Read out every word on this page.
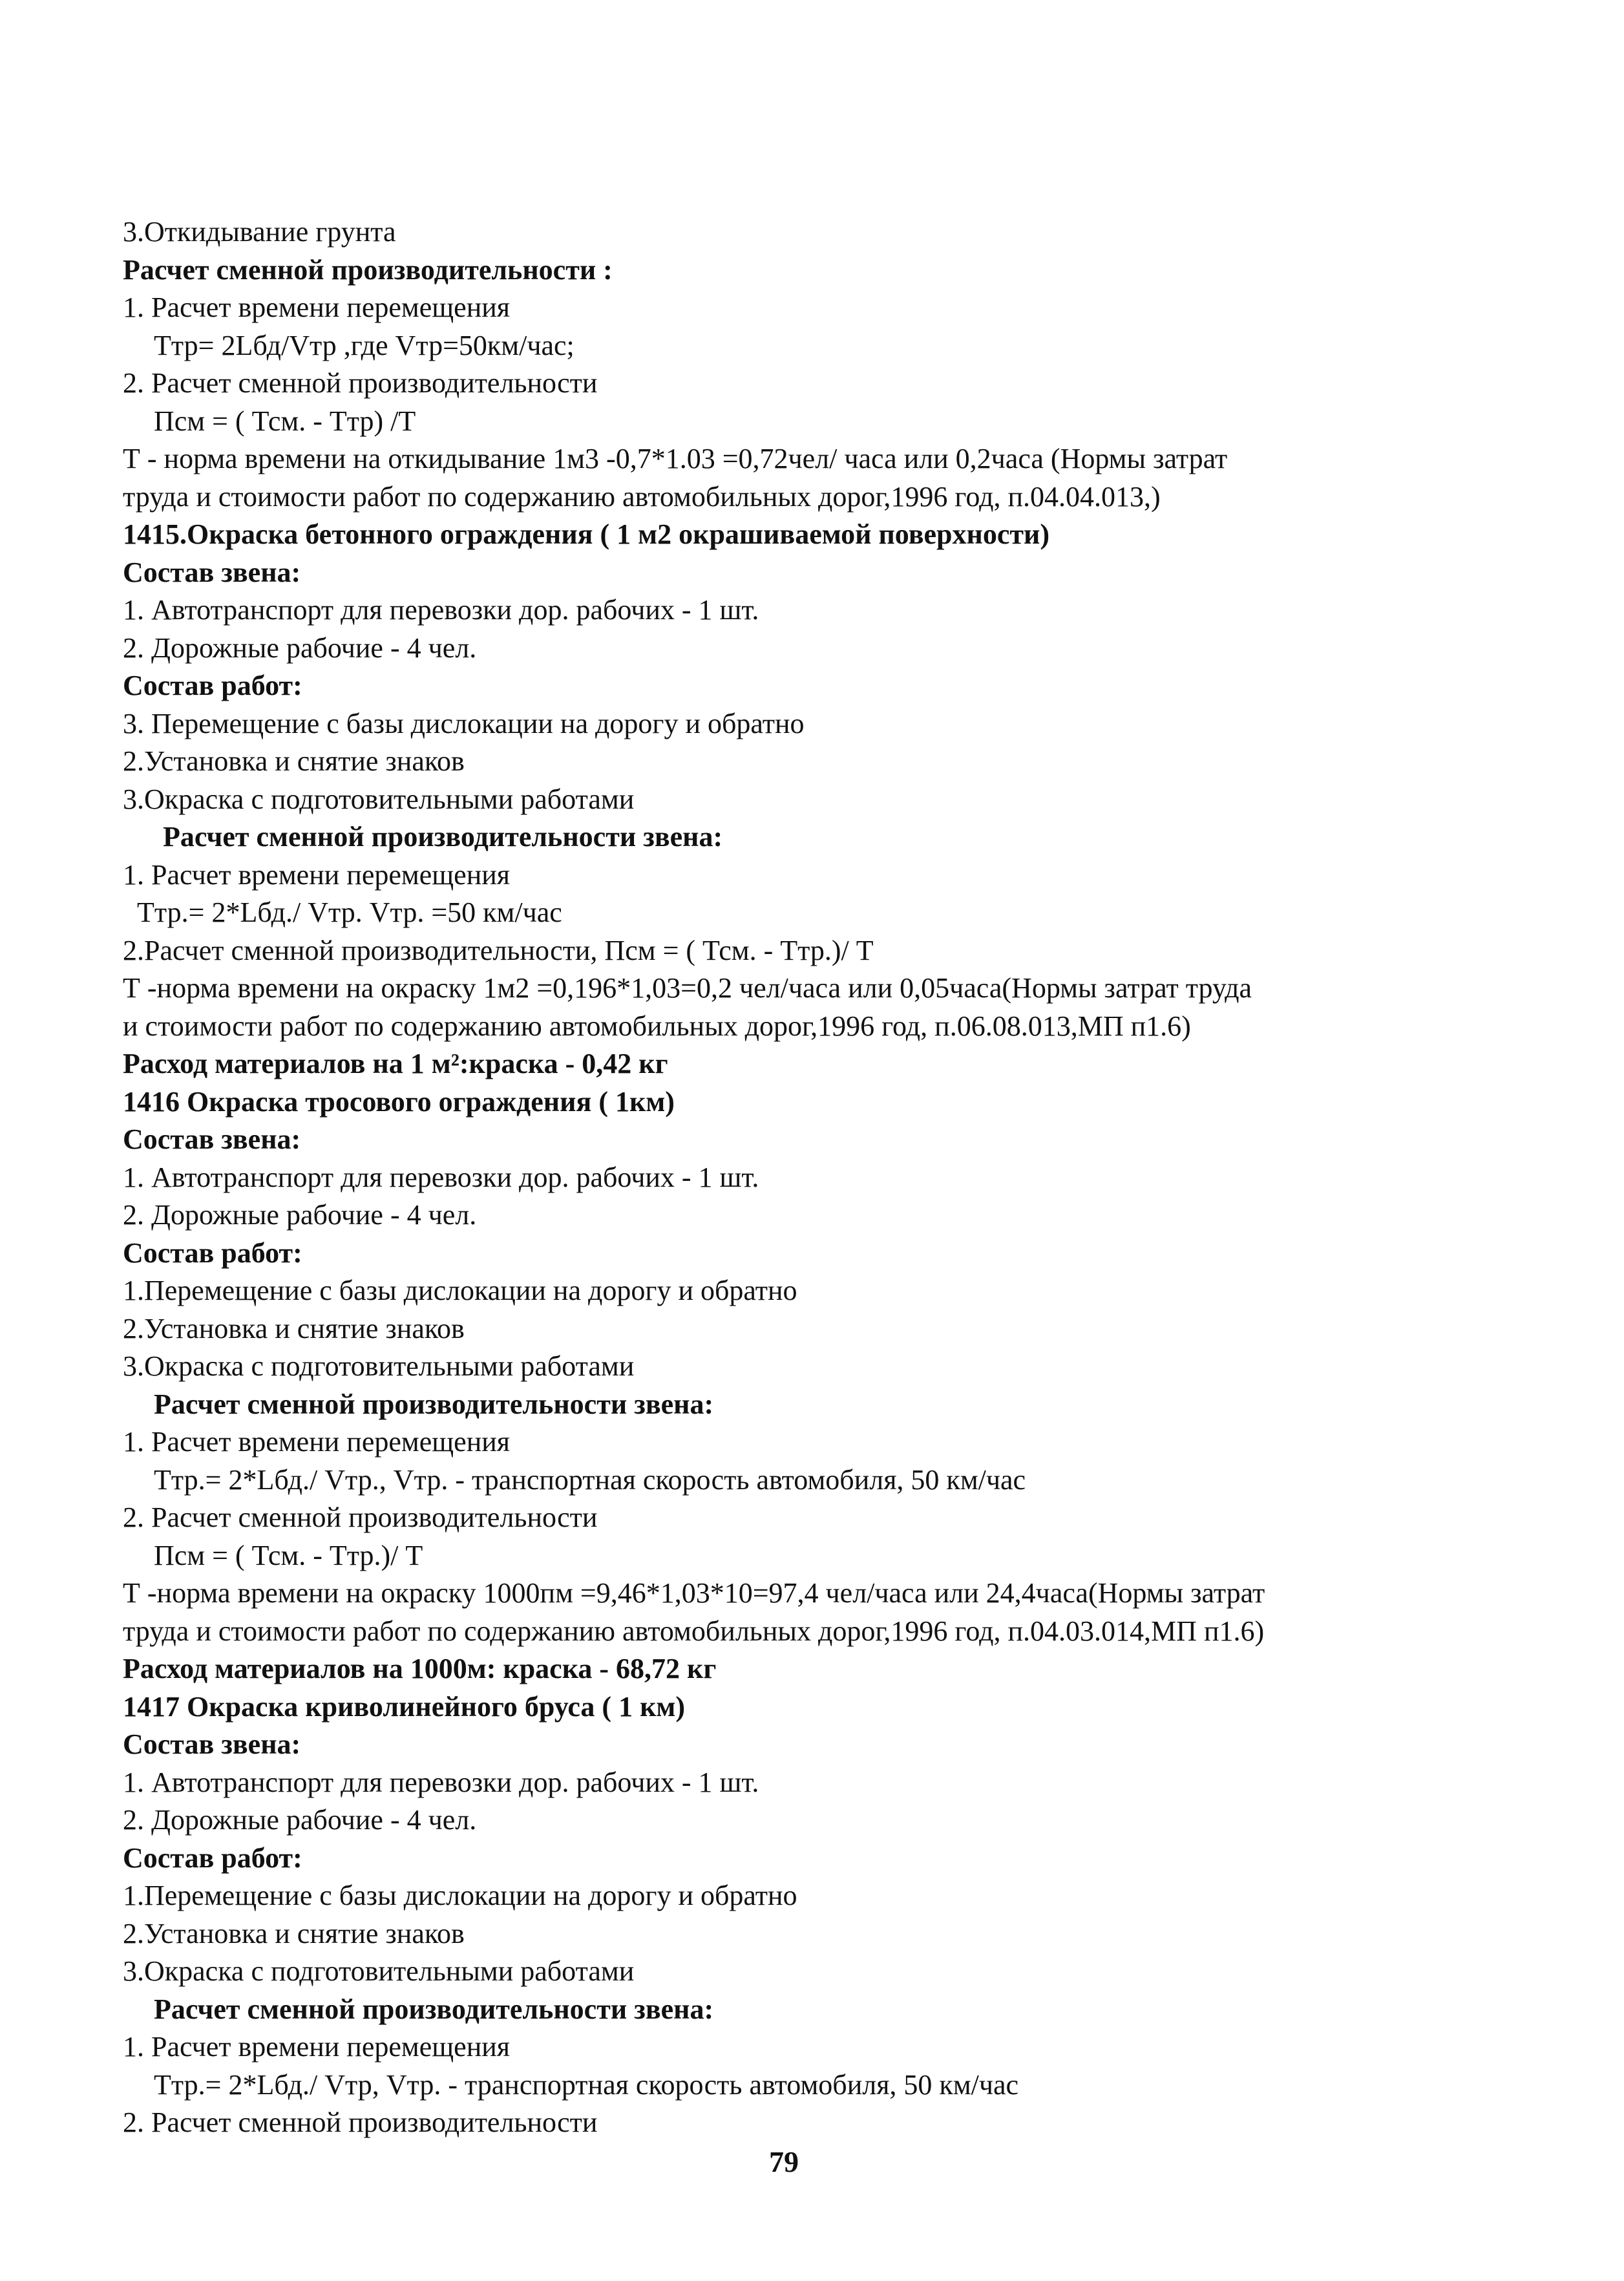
3.Откидывание грунта
Расчет сменной производительности :
1. Расчет времени перемещения
Ттр= 2Lбд/Vтр ,где Vтр=50км/час;
2. Расчет сменной производительности
Псм = ( Тсм. - Ттр) /Т
Т - норма времени на откидывание 1м3 -0,7*1.03 =0,72чел/ часа или 0,2часа (Нормы затрат
труда и стоимости работ по содержанию автомобильных дорог,1996 год, п.04.04.013,)
1415.Окраска бетонного ограждения ( 1 м2 окрашиваемой поверхности)
Состав звена:
1. Автотранспорт для перевозки дор. рабочих - 1 шт.
2. Дорожные рабочие - 4 чел.
Состав работ:
3. Перемещение с базы дислокации на дорогу и обратно
2.Установка и снятие знаков
3.Окраска с подготовительными работами
Расчет сменной производительности звена:
1. Расчет времени перемещения
Ттр.= 2*Lбд./ Vтр. Vтр. =50 км/час
2.Расчет сменной производительности, Псм = ( Тсм. - Ттр.)/ Т
Т -норма времени на окраску 1м2 =0,196*1,03=0,2 чел/часа или 0,05часа(Нормы затрат труда
и стоимости работ по содержанию автомобильных дорог,1996 год, п.06.08.013,МП п1.6)
Расход материалов на 1 м²:краска - 0,42 кг
1416 Окраска тросового ограждения ( 1км)
Состав звена:
1. Автотранспорт для перевозки дор. рабочих - 1 шт.
2. Дорожные рабочие - 4 чел.
Состав работ:
1.Перемещение с базы дислокации на дорогу и обратно
2.Установка и снятие знаков
3.Окраска с подготовительными работами
Расчет сменной производительности звена:
1. Расчет времени перемещения
Ттр.= 2*Lбд./ Vтр., Vтр. - транспортная скорость автомобиля, 50 км/час
2. Расчет сменной производительности
Псм = ( Тсм. - Ттр.)/ Т
Т -норма времени на окраску 1000пм =9,46*1,03*10=97,4 чел/часа или 24,4часа(Нормы затрат
труда и стоимости работ по содержанию автомобильных дорог,1996 год, п.04.03.014,МП п1.6)
Расход материалов на 1000м: краска - 68,72 кг
1417 Окраска криволинейного бруса ( 1 км)
Состав звена:
1. Автотранспорт для перевозки дор. рабочих - 1 шт.
2. Дорожные рабочие - 4 чел.
Состав работ:
1.Перемещение с базы дислокации на дорогу и обратно
2.Установка и снятие знаков
3.Окраска с подготовительными работами
Расчет сменной производительности звена:
1. Расчет времени перемещения
Ттр.= 2*Lбд./ Vтр, Vтр. - транспортная скорость автомобиля, 50 км/час
2. Расчет сменной производительности
79
